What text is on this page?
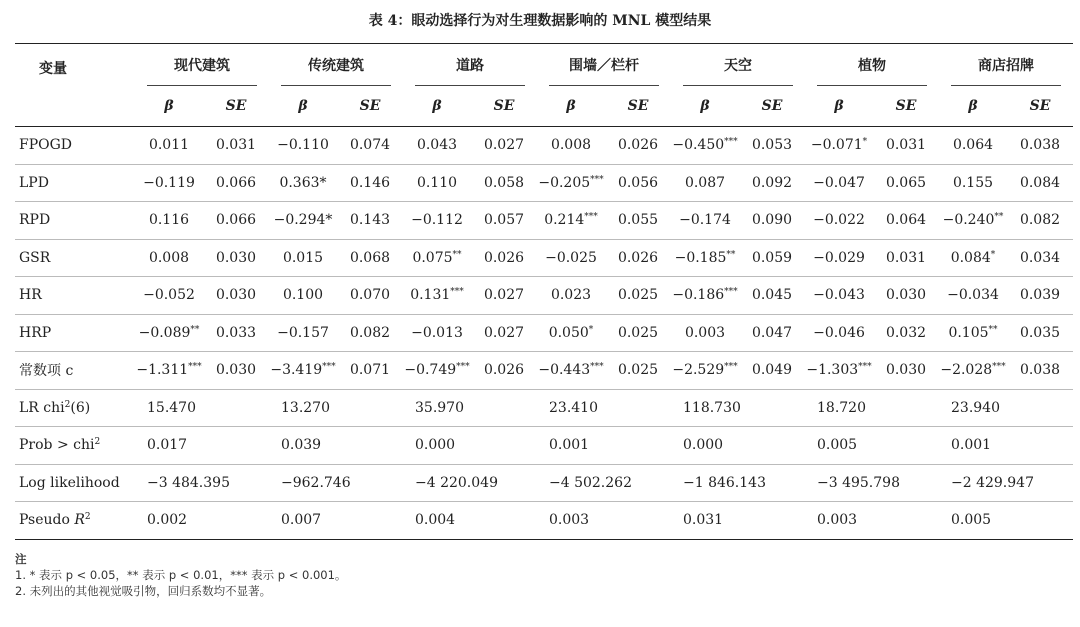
表 4：眼动选择行为对生理数据影响的 MNL 模型结果
变量	现代建筑		传统建筑		道路		围墙／栏杆		天空		植物		商店招牌	

	β	SE	β	SE	β	SE	β	SE	β	SE	β	SE	β	SE
FPOGD	0.011	0.031	−0.110	0.074	0.043	0.027	0.008	0.026	−0.450***	0.053	−0.071*	0.031	0.064	0.038
LPD	−0.119	0.066	0.363*	0.146	0.110	0.058	−0.205***	0.056	0.087	0.092	−0.047	0.065	0.155	0.084
RPD	0.116	0.066	−0.294*	0.143	−0.112	0.057	0.214***	0.055	−0.174	0.090	−0.022	0.064	−0.240**	0.082
GSR	0.008	0.030	0.015	0.068	0.075**	0.026	−0.025	0.026	−0.185**	0.059	−0.029	0.031	0.084*	0.034
HR	−0.052	0.030	0.100	0.070	0.131***	0.027	0.023	0.025	−0.186***	0.045	−0.043	0.030	−0.034	0.039
HRP	−0.089**	0.033	−0.157	0.082	−0.013	0.027	0.050*	0.025	0.003	0.047	−0.046	0.032	0.105**	0.035
常数项 c	−1.311***	0.030	−3.419***	0.071	−0.749***	0.026	−0.443***	0.025	−2.529***	0.049	−1.303***	0.030	−2.028***	0.038
LR chi$^2$(6)	15.470		13.270		35.970		23.410		118.730		18.720		23.940	
Prob > chi$^2$	0.017		0.039		0.000		0.001		0.000		0.005		0.001	
Log likelihood	−3 484.395		−962.746		−4 220.049		−4 502.262		−1 846.143		−3 495.798		−2 429.947	
Pseudo $R^2$	0.002		0.007		0.004		0.003		0.031		0.003		0.005	
注
1. * 表示 p < 0.05，** 表示 p < 0.01，*** 表示 p < 0.001。
2. 未列出的其他视觉吸引物，回归系数均不显著。
